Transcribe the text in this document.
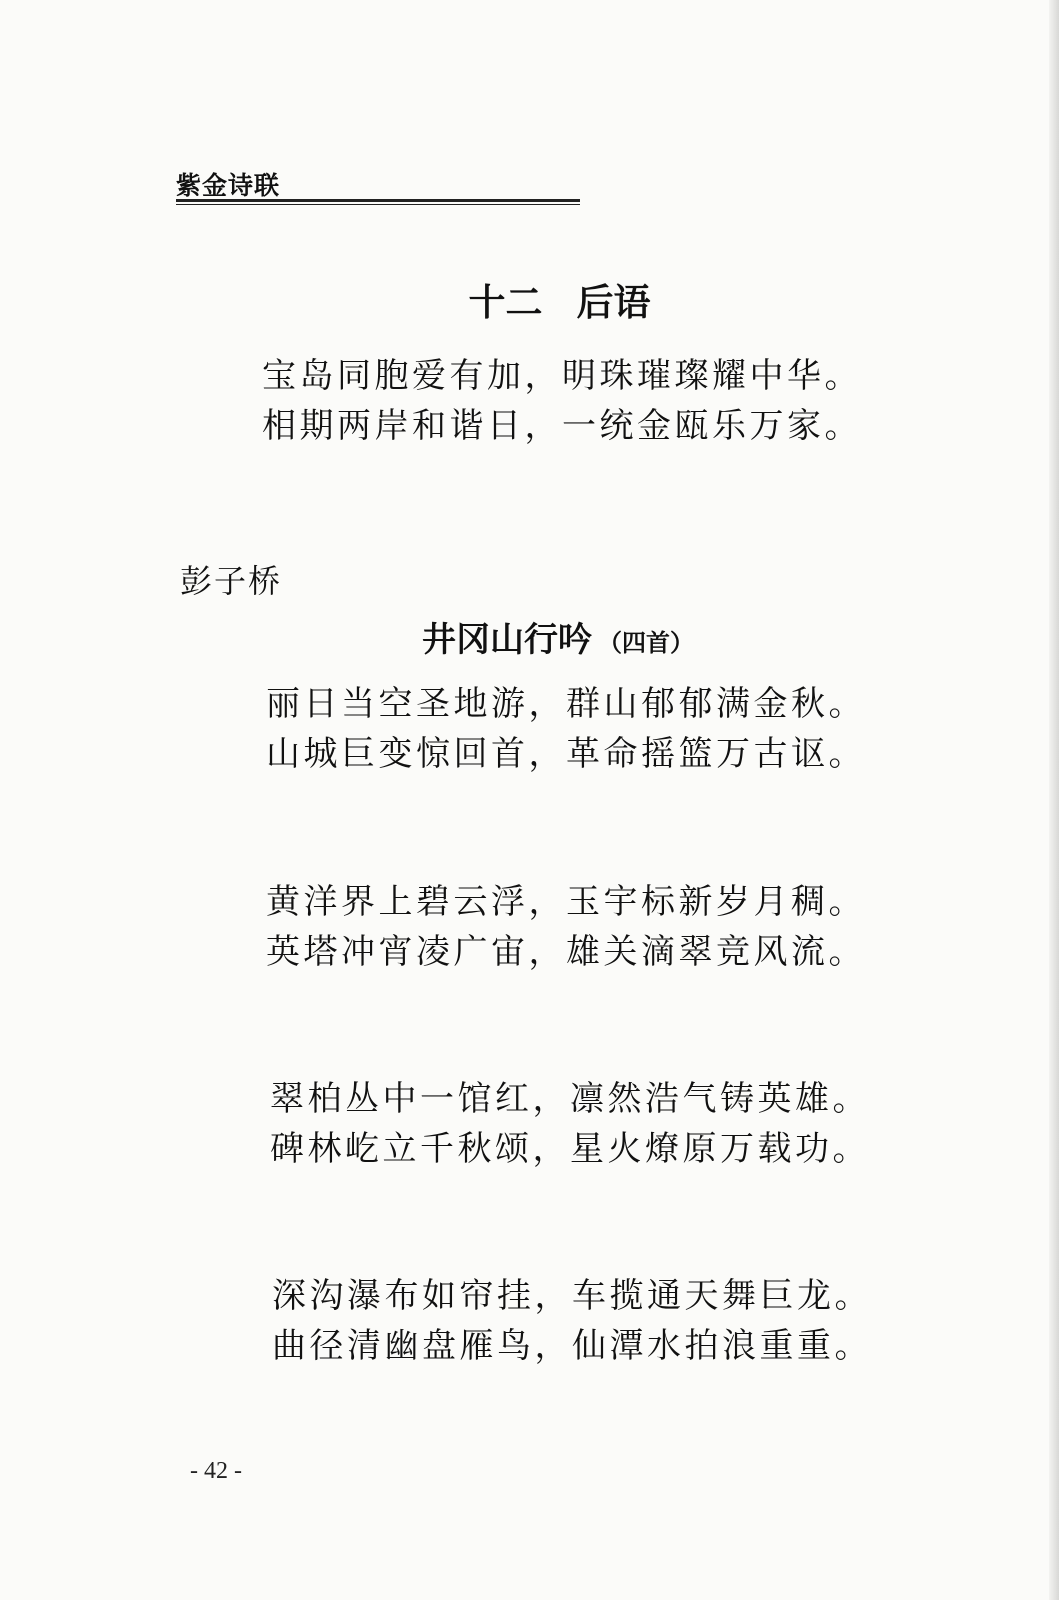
紫金诗联
十二 后语
宝岛同胞爱有加，明珠璀璨耀中华。
相期两岸和谐日，一统金瓯乐万家。
彭子桥
井冈山行吟 （四首）
丽日当空圣地游，群山郁郁满金秋。
山城巨变惊回首，革命摇篮万古讴。
黄洋界上碧云浮，玉宇标新岁月稠。
英塔冲宵凌广宙，雄关滴翠竞风流。
翠柏丛中一馆红，凛然浩气铸英雄。
碑林屹立千秋颂，星火燎原万载功。
深沟瀑布如帘挂，车揽通天舞巨龙。
曲径清幽盘雁鸟，仙潭水拍浪重重。
- 42 -
